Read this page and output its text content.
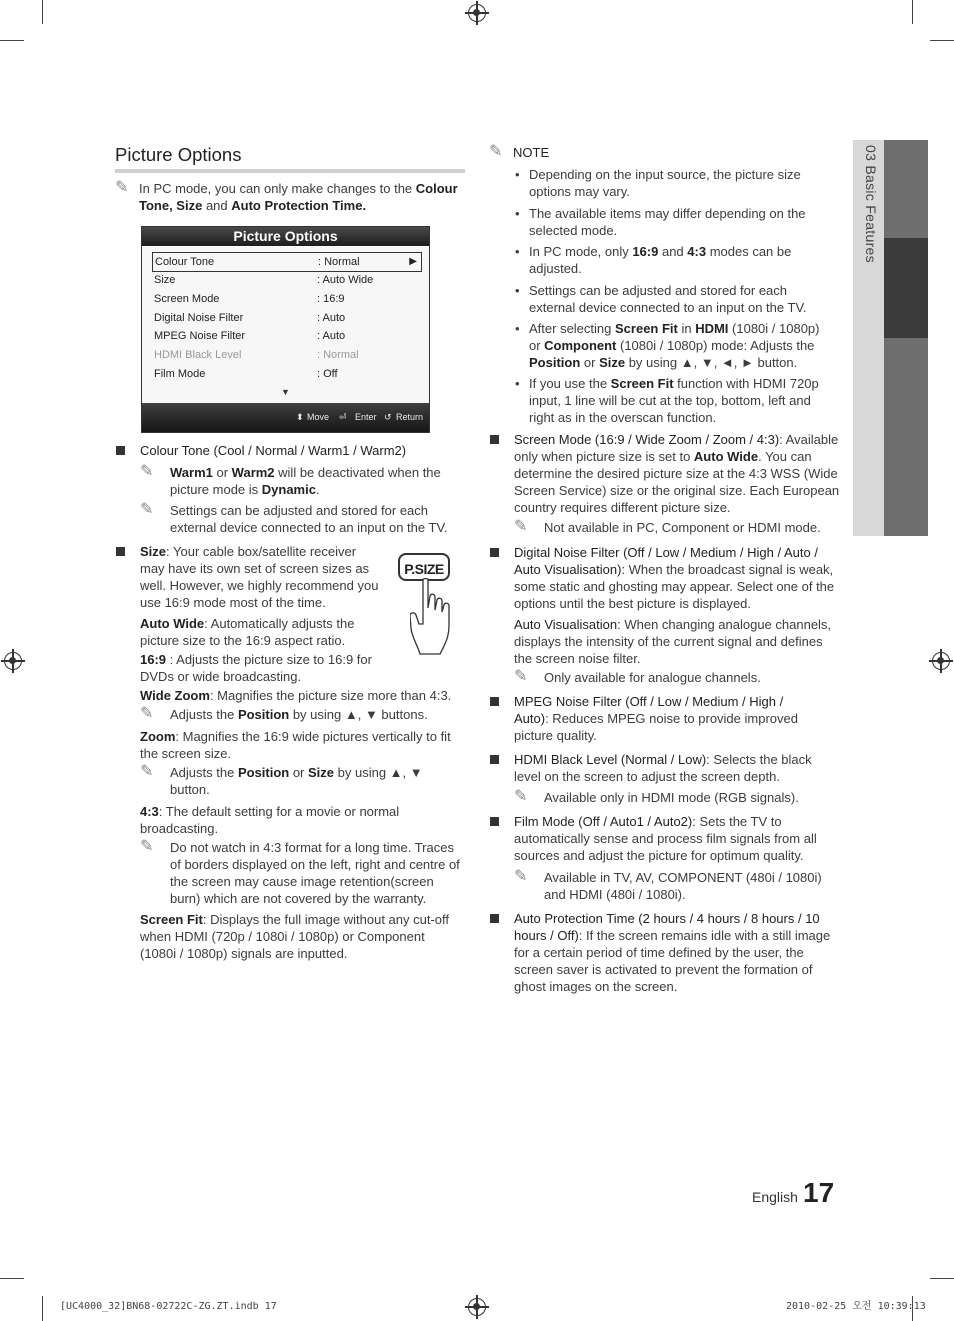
03 Basic Features
Picture Options
✎ In PC mode, you can only make changes to the Colour Tone, Size and Auto Protection Time.
Picture Options
Colour Tone	: Normal	▶
Size	: Auto Wide
Screen Mode	: 16:9
Digital Noise Filter	: Auto
MPEG Noise Filter	: Auto
HDMI Black Level	: Normal
Film Mode	: Off
▼
⬍ Move ⏎ Enter ↺ Return
Colour Tone (Cool / Normal / Warm1 / Warm2)
✎	Warm1 or Warm2 will be deactivated when the picture mode is Dynamic.
✎	Settings can be adjusted and stored for each external device connected to an input on the TV.
Size: Your cable box/satellite receiver may have its own set of screen sizes as well. However, we highly recommend you use 16:9 mode most of the time.
P.SIZE
Auto Wide: Automatically adjusts the picture size to the 16:9 aspect ratio.
16:9 : Adjusts the picture size to 16:9 for DVDs or wide broadcasting.
Wide Zoom: Magnifies the picture size more than 4:3.
✎	Adjusts the Position by using ▲, ▼ buttons.
Zoom: Magnifies the 16:9 wide pictures vertically to fit the screen size.
✎	Adjusts the Position or Size by using ▲, ▼ button.
4:3: The default setting for a movie or normal broadcasting.
✎	Do not watch in 4:3 format for a long time. Traces of borders displayed on the left, right and centre of the screen may cause image retention(screen burn) which are not covered by the warranty.
Screen Fit: Displays the full image without any cut-off when HDMI (720p / 1080i / 1080p) or Component (1080i / 1080p) signals are inputted.
✎ NOTE
• Depending on the input source, the picture size options may vary.
• The available items may differ depending on the selected mode.
• In PC mode, only 16:9 and 4:3 modes can be adjusted.
• Settings can be adjusted and stored for each external device connected to an input on the TV.
• After selecting Screen Fit in HDMI (1080i / 1080p) or Component (1080i / 1080p) mode: Adjusts the Position or Size by using ▲, ▼, ◄, ► button.
• If you use the Screen Fit function with HDMI 720p input, 1 line will be cut at the top, bottom, left and right as in the overscan function.
Screen Mode (16:9 / Wide Zoom / Zoom / 4:3): Available only when picture size is set to Auto Wide. You can determine the desired picture size at the 4:3 WSS (Wide Screen Service) size or the original size. Each European country requires different picture size.
✎	Not available in PC, Component or HDMI mode.
Digital Noise Filter (Off / Low / Medium / High / Auto / Auto Visualisation): When the broadcast signal is weak, some static and ghosting may appear. Select one of the options until the best picture is displayed.
Auto Visualisation: When changing analogue channels, displays the intensity of the current signal and defines the screen noise filter.
✎	Only available for analogue channels.
MPEG Noise Filter (Off / Low / Medium / High / Auto): Reduces MPEG noise to provide improved picture quality.
HDMI Black Level (Normal / Low): Selects the black level on the screen to adjust the screen depth.
✎	Available only in HDMI mode (RGB signals).
Film Mode (Off / Auto1 / Auto2): Sets the TV to automatically sense and process film signals from all sources and adjust the picture for optimum quality.
✎	Available in TV, AV, COMPONENT (480i / 1080i) and HDMI (480i / 1080i).
Auto Protection Time (2 hours / 4 hours / 8 hours / 10 hours / Off): If the screen remains idle with a still image for a certain period of time defined by the user, the screen saver is activated to prevent the formation of ghost images on the screen.
English 17
[UC4000_32]BN68-02722C-ZG.ZT.indb 17	2010-02-25 오전 10:39:13
